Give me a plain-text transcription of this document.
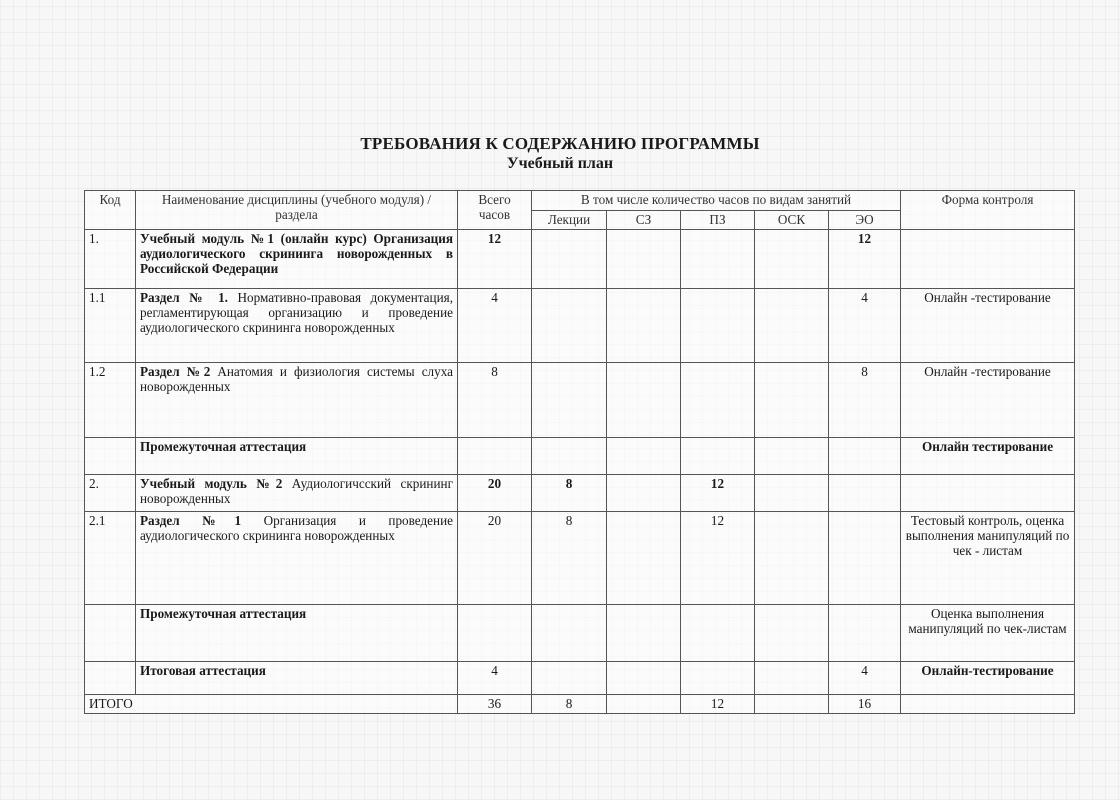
ТРЕБОВАНИЯ К СОДЕРЖАНИЮ ПРОГРАММЫ
Учебный план
Код	Наименование дисциплины (учебного модуля) / раздела	Всего часов	В том числе количество часов по видам занятий					Форма контроля
			Лекции	СЗ	ПЗ	ОСК	ЭО	
1.	Учебный модуль №1 (онлайн курс) Организация аудиологического скрининга новорожденных в Российской Федерации	12					12	
1.1	Раздел № 1. Нормативно-правовая документация, регламентирующая организацию и проведение аудиологического скрининга новорожденных	4					4	Онлайн -тестирование
1.2	Раздел №2 Анатомия и физиология системы слуха новорожденных	8					8	Онлайн -тестирование
	Промежуточная аттестация							Онлайн тестирование
2.	Учебный модуль №2 Аудиологичсский скрининг новорожденных	20	8		12			
2.1	Раздел №1 Организация и проведение аудиологического скрининга новорожденных	20	8		12			Тестовый контроль, оценка выполнения манипуляций по чек - листам
	Промежуточная аттестация							Оценка выполнения манипуляций по чек-листам
	Итоговая аттестация	4					4	Онлайн-тестирование
ИТОГО		36	8		12		16	
